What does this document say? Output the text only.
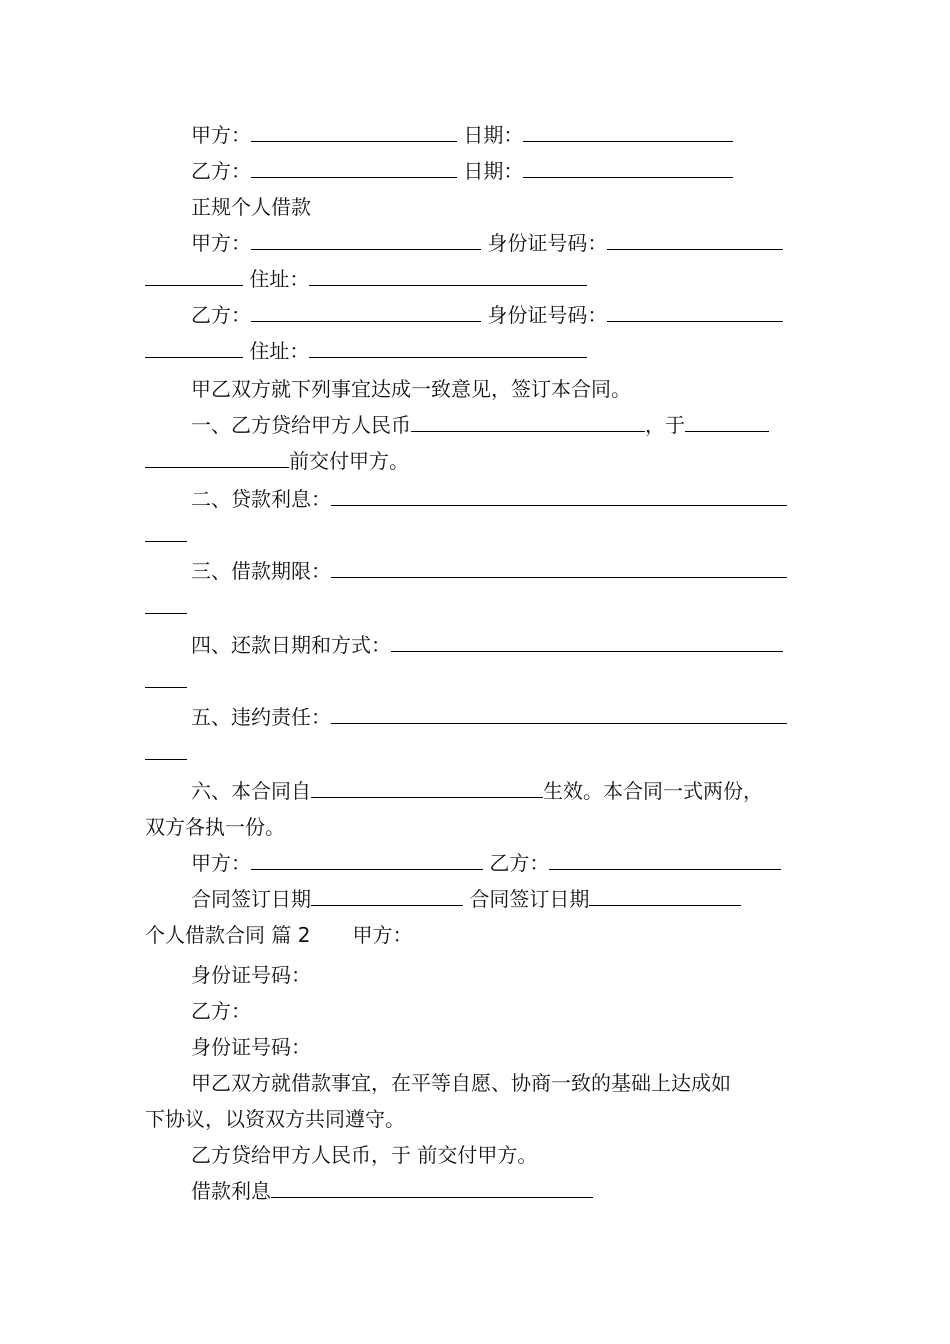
甲方：	日期：
乙方：	日期：
正规个人借款
甲方：	身份证号码：
住址：
乙方：	身份证号码：
住址：
甲乙双方就下列事宜达成一致意见，签订本合同。
一、乙方贷给甲方人民币	，于
前交付甲方。
二、贷款利息：
三、借款期限：
四、还款日期和方式：
五、违约责任：
六、本合同自	生效。本合同一式两份，
双方各执一份。
甲方：	乙方：
合同签订日期	合同签订日期
个人借款合同 篇 2 甲方：
身份证号码：
乙方：
身份证号码：
甲乙双方就借款事宜，在平等自愿、协商一致的基础上达成如
下协议，以资双方共同遵守。
乙方贷给甲方人民币，于 前交付甲方。
借款利息
